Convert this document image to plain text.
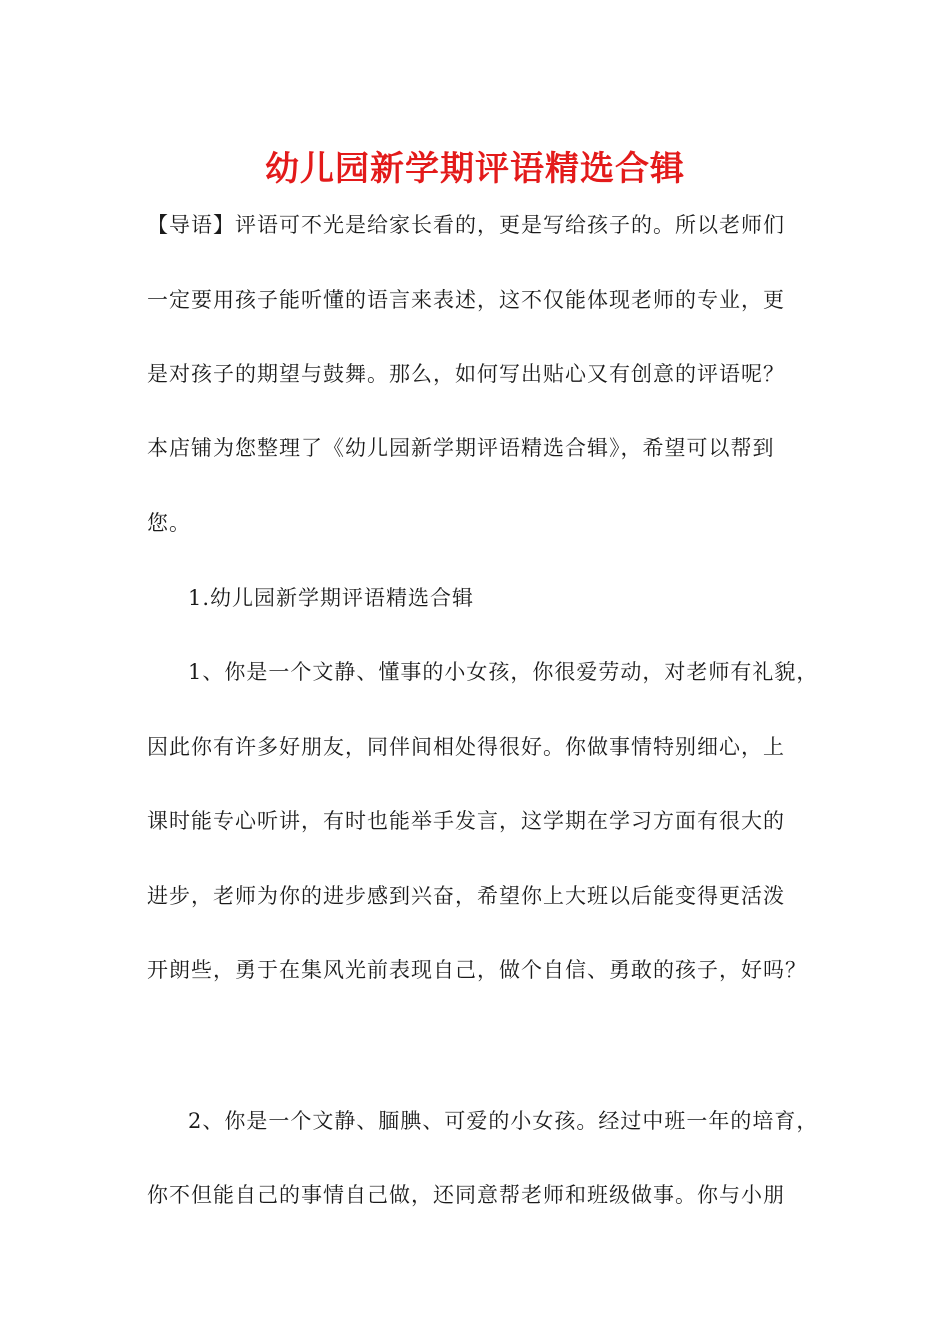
幼儿园新学期评语精选合辑
【导语】评语可不光是给家长看的，更是写给孩子的。所以老师们
一定要用孩子能听懂的语言来表述，这不仅能体现老师的专业，更
是对孩子的期望与鼓舞。那么，如何写出贴心又有创意的评语呢？
本店铺为您整理了《幼儿园新学期评语精选合辑》，希望可以帮到
您。
1.幼儿园新学期评语精选合辑
1、你是一个文静、懂事的小女孩，你很爱劳动，对老师有礼貌，
因此你有许多好朋友，同伴间相处得很好。你做事情特别细心，上
课时能专心听讲，有时也能举手发言，这学期在学习方面有很大的
进步，老师为你的进步感到兴奋，希望你上大班以后能变得更活泼
开朗些，勇于在集风光前表现自己，做个自信、勇敢的孩子，好吗？
2、你是一个文静、腼腆、可爱的小女孩。经过中班一年的培育，
你不但能自己的事情自己做，还同意帮老师和班级做事。你与小朋
